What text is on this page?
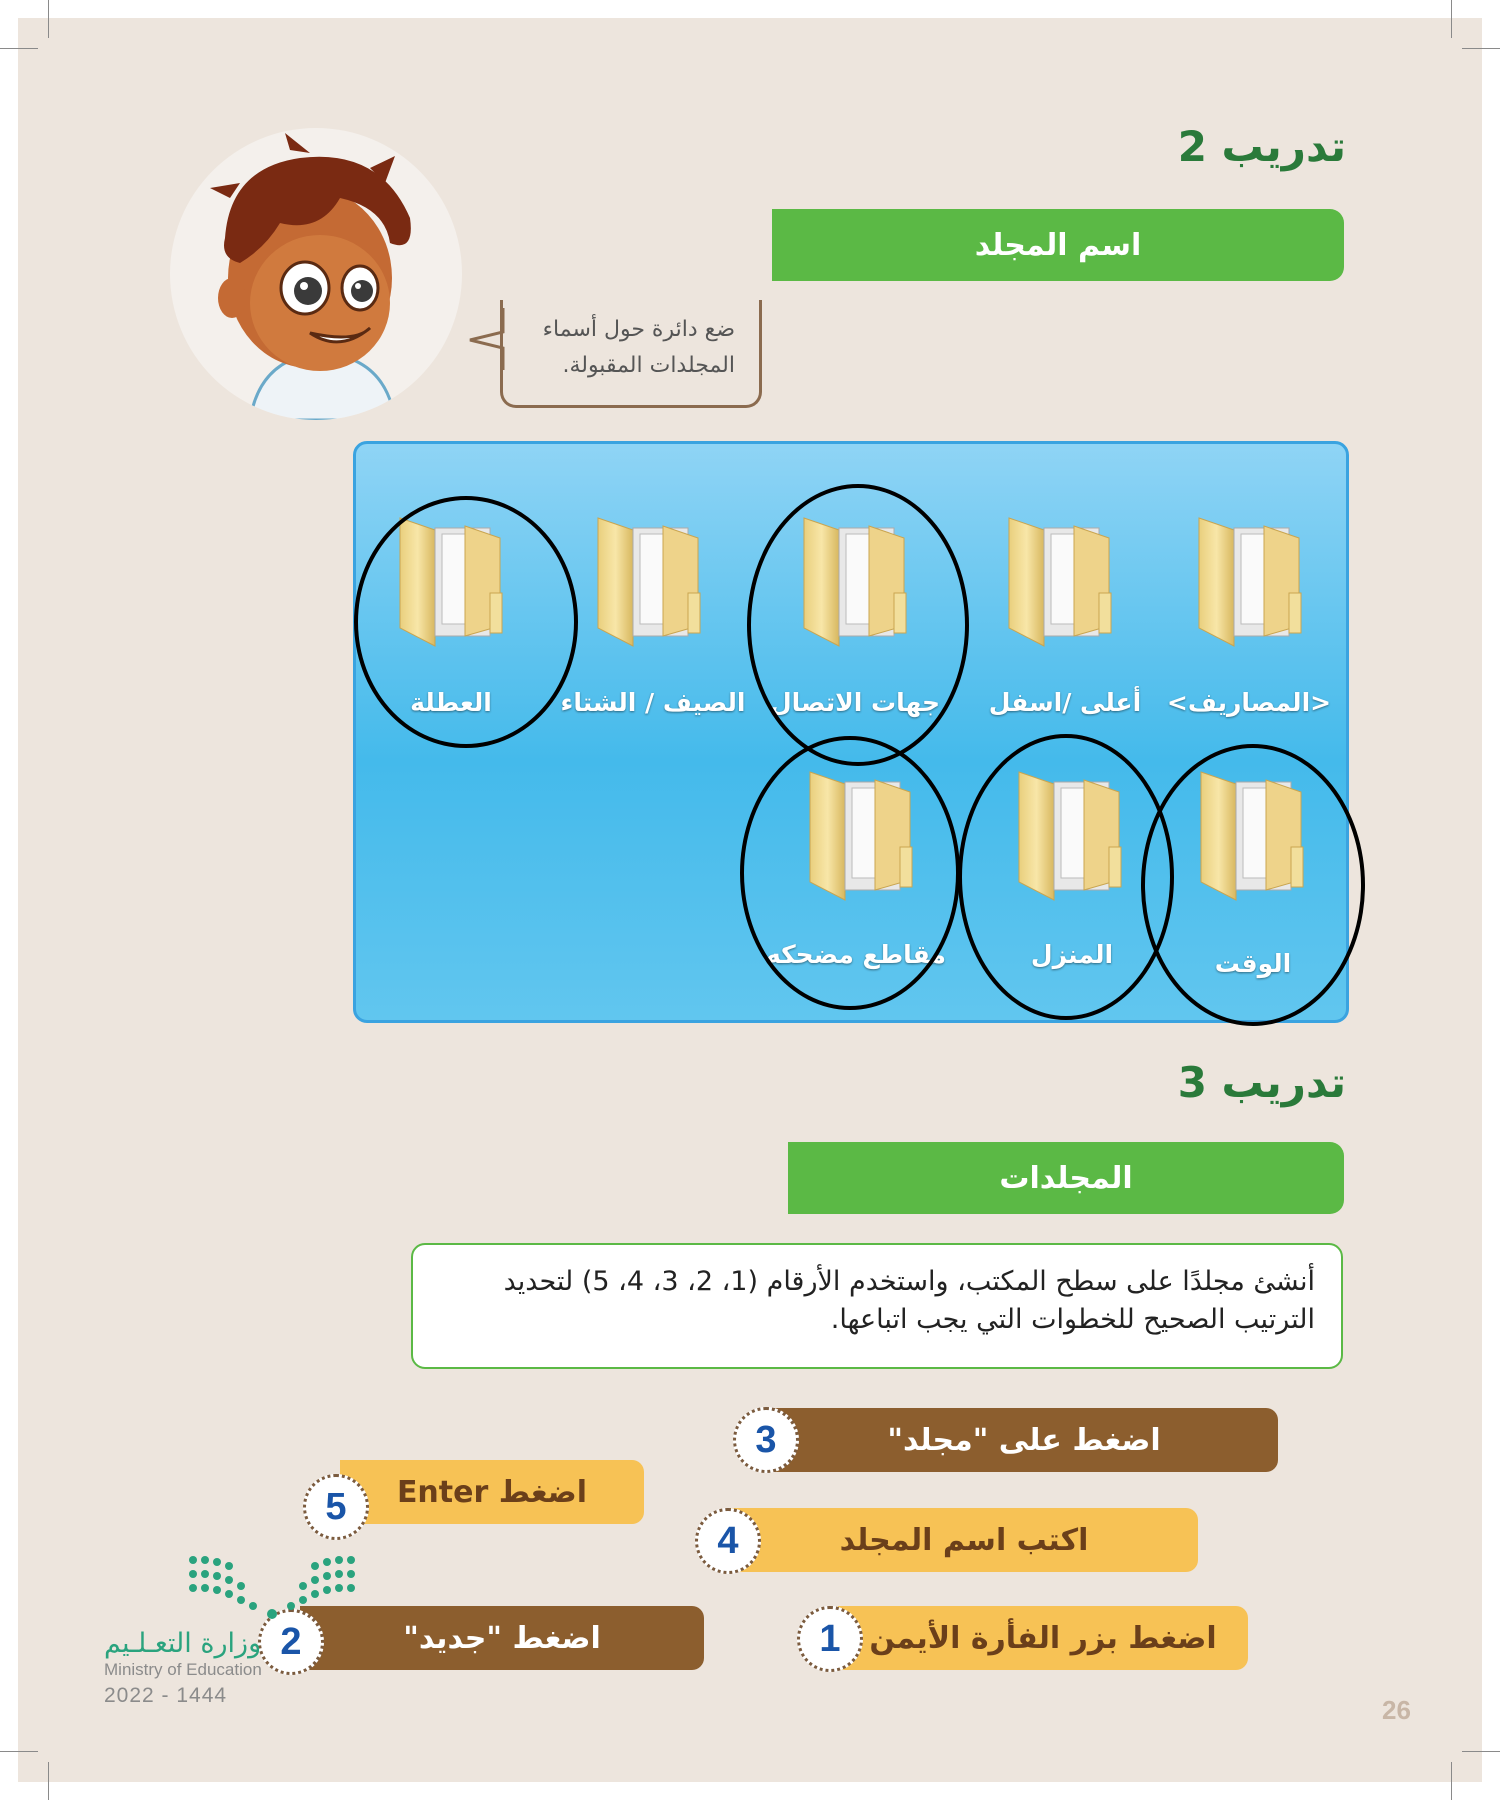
تدريب 2
اسم المجلد
ضع دائرة حول أسماء
المجلدات المقبولة.
العطلة	الصيف / الشتاء جهات الاتصال	أعلى /اسفل	<المصاريف>
مقاطع مضحكه	المنزل	الوقت
تدريب 3
المجلدات
أنشئ مجلدًا على سطح المكتب، واستخدم الأرقام (1، 2، 3، 4، 5) لتحديد
الترتيب الصحيح للخطوات التي يجب اتباعها.
اضغط على "مجلد"
3
اضغط Enter
5
اكتب اسم المجلد
4
اضغط "جديد"
2	اضغط بزر الفأرة الأيمن
1
وزارة التعـلـيم
Ministry of Education
2022 - 1444	26
